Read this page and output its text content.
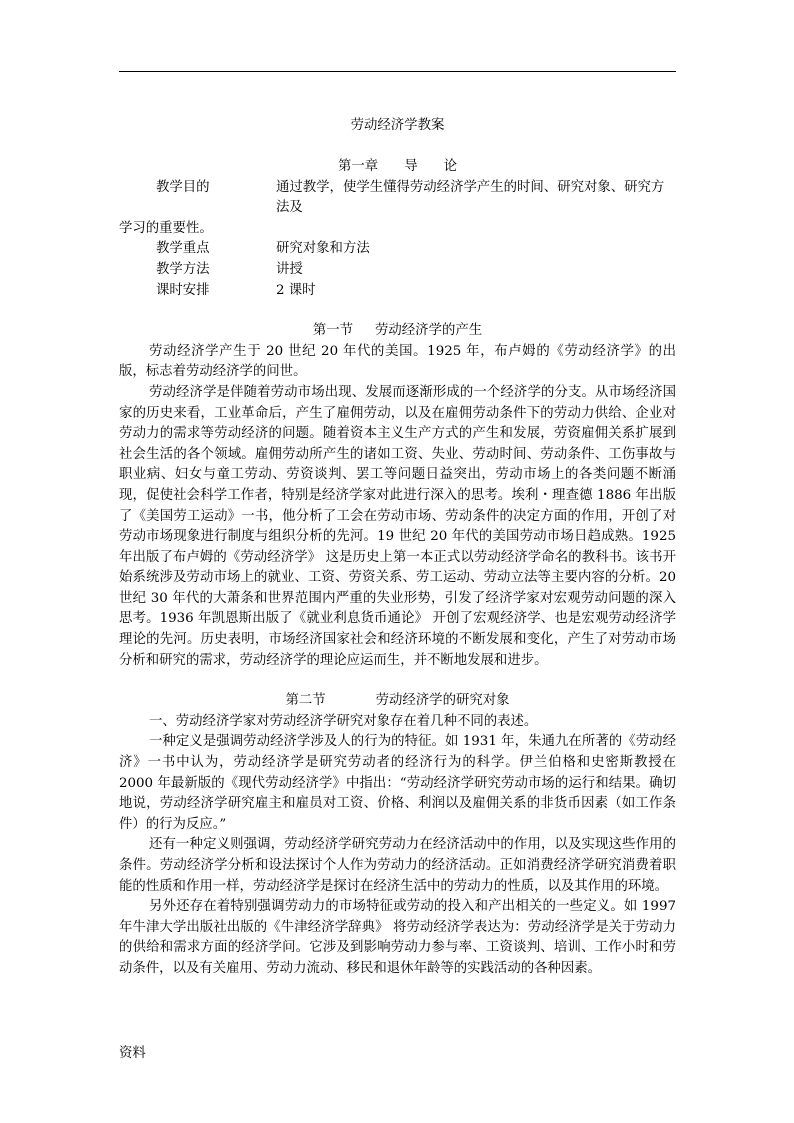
劳动经济学教案
第一章 导 论
教学目的	通过教学，使学生懂得劳动经济学产生的时间、研究对象、研究方法及
学习的重要性。
教学重点	研究对象和方法
教学方法	讲授
课时安排	2 课时
第一节 劳动经济学的产生

劳动经济学产生于 20 世纪 20 年代的美国。1925 年，布卢姆的《劳动经济学》的出版，标志着劳动经济学的问世。

劳动经济学是伴随着劳动市场出现、发展而逐渐形成的一个经济学的分支。从市场经济国家的历史来看，工业革命后，产生了雇佣劳动，以及在雇佣劳动条件下的劳动力供给、企业对劳动力的需求等劳动经济的问题。随着资本主义生产方式的产生和发展，劳资雇佣关系扩展到社会生活的各个领域。雇佣劳动所产生的诸如工资、失业、劳动时间、劳动条件、工伤事故与职业病、妇女与童工劳动、劳资谈判、罢工等问题日益突出，劳动市场上的各类问题不断涌现，促使社会科学工作者，特别是经济学家对此进行深入的思考。埃利・理查德 1886 年出版了《美国劳工运动》一书，他分析了工会在劳动市场、劳动条件的决定方面的作用，开创了对劳动市场现象进行制度与组织分析的先河。19 世纪 20 年代的美国劳动市场日趋成熟。1925 年出版了布卢姆的《劳动经济学》 这是历史上第一本正式以劳动经济学命名的教科书。该书开始系统涉及劳动市场上的就业、工资、劳资关系、劳工运动、劳动立法等主要内容的分析。20 世纪 30 年代的大萧条和世界范围内严重的失业形势，引发了经济学家对宏观劳动问题的深入思考。1936 年凯恩斯出版了《就业利息货币通论》 开创了宏观经济学、也是宏观劳动经济学理论的先河。历史表明，市场经济国家社会和经济环境的不断发展和变化，产生了对劳动市场分析和研究的需求，劳动经济学的理论应运而生，并不断地发展和进步。

第二节	劳动经济学的研究对象

一、劳动经济学家对劳动经济学研究对象存在着几种不同的表述。

一种定义是强调劳动经济学涉及人的行为的特征。如 1931 年，朱通九在所著的《劳动经济》一书中认为，劳动经济学是研究劳动者的经济行为的科学。伊兰伯格和史密斯教授在 2000 年最新版的《现代劳动经济学》中指出：“劳动经济学研究劳动市场的运行和结果。确切地说，劳动经济学研究雇主和雇员对工资、价格、利润以及雇佣关系的非货币因素（如工作条件）的行为反应。”

还有一种定义则强调，劳动经济学研究劳动力在经济活动中的作用，以及实现这些作用的条件。劳动经济学分析和设法探讨个人作为劳动力的经济活动。正如消费经济学研究消费着职能的性质和作用一样，劳动经济学是探讨在经济生活中的劳动力的性质，以及其作用的环境。

另外还存在着特别强调劳动力的市场特征或劳动的投入和产出相关的一些定义。如 1997 年牛津大学出版社出版的《牛津经济学辞典》 将劳动经济学表达为：劳动经济学是关于劳动力的供给和需求方面的经济学问。它涉及到影响劳动力参与率、工资谈判、培训、工作小时和劳动条件，以及有关雇用、劳动力流动、移民和退休年龄等的实践活动的各种因素。

资料
